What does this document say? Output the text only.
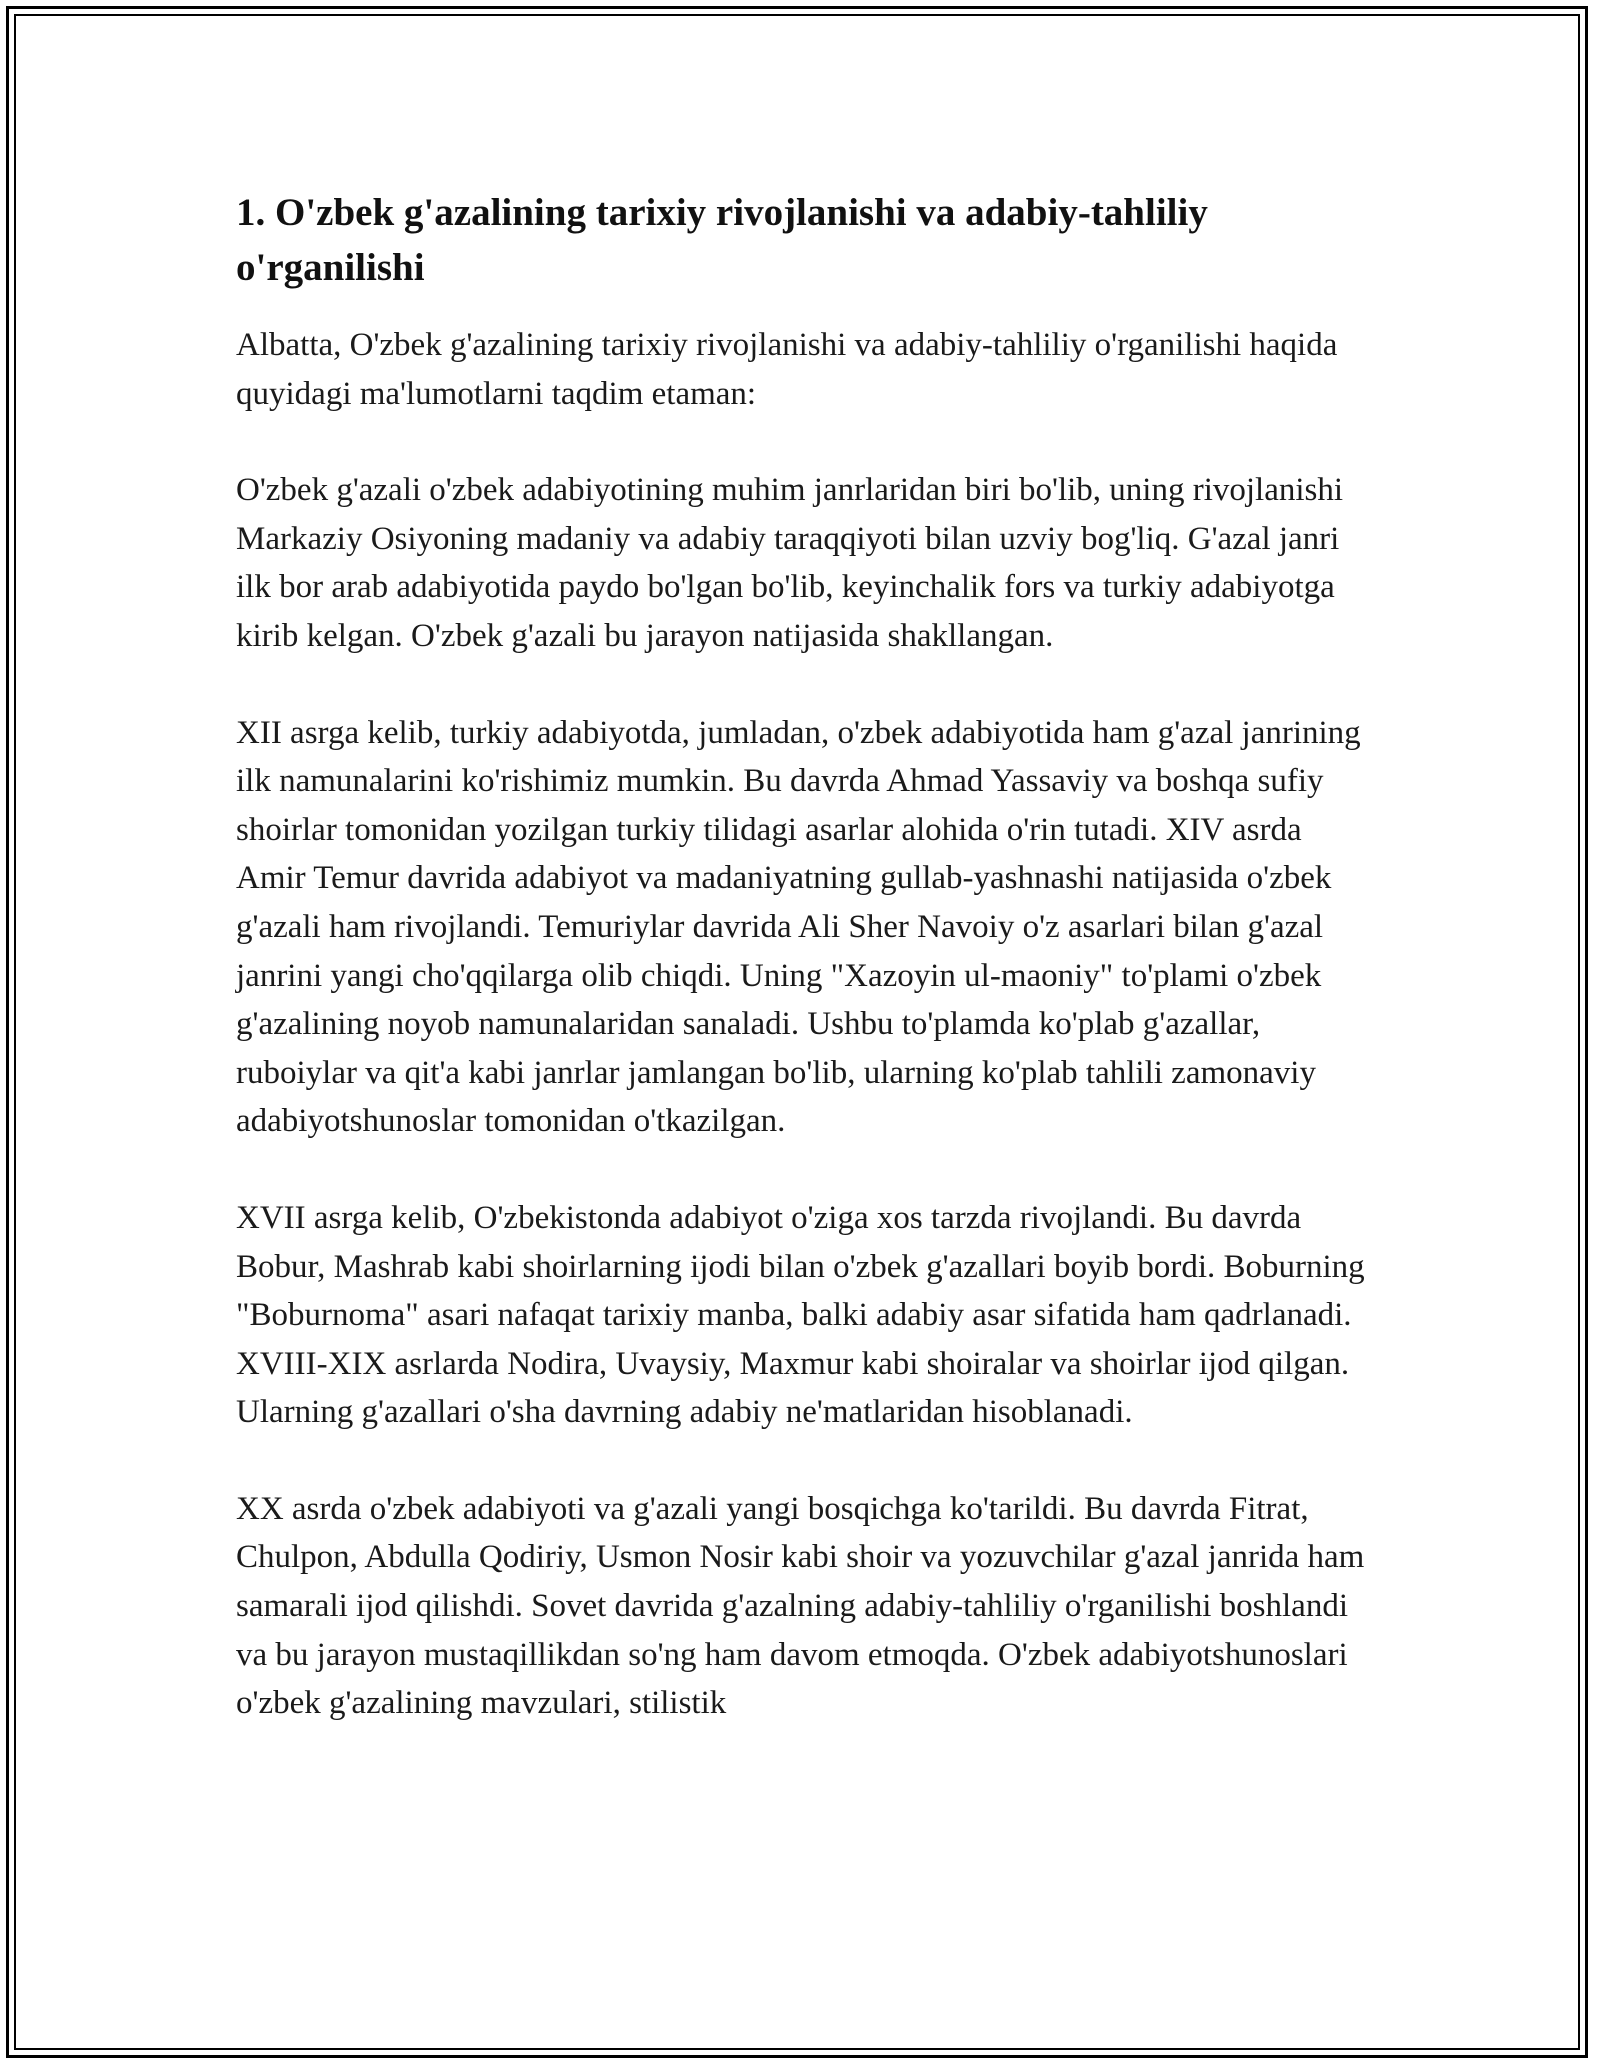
1. O'zbek g'azalining tarixiy rivojlanishi va adabiy-tahliliy o'rganilishi

Albatta, O'zbek g'azalining tarixiy rivojlanishi va adabiy-tahliliy o'rganilishi haqida quyidagi ma'lumotlarni taqdim etaman:

O'zbek g'azali o'zbek adabiyotining muhim janrlaridan biri bo'lib, uning rivojlanishi Markaziy Osiyoning madaniy va adabiy taraqqiyoti bilan uzviy bog'liq. G'azal janri ilk bor arab adabiyotida paydo bo'lgan bo'lib, keyinchalik fors va turkiy adabiyotga kirib kelgan. O'zbek g'azali bu jarayon natijasida shakllangan.

XII asrga kelib, turkiy adabiyotda, jumladan, o'zbek adabiyotida ham g'azal janrining ilk namunalarini ko'rishimiz mumkin. Bu davrda Ahmad Yassaviy va boshqa sufiy shoirlar tomonidan yozilgan turkiy tilidagi asarlar alohida o'rin tutadi. XIV asrda Amir Temur davrida adabiyot va madaniyatning gullab-yashnashi natijasida o'zbek g'azali ham rivojlandi. Temuriylar davrida Ali Sher Navoiy o'z asarlari bilan g'azal janrini yangi cho'qqilarga olib chiqdi. Uning "Xazoyin ul-maoniy" to'plami o'zbek g'azalining noyob namunalaridan sanaladi. Ushbu to'plamda ko'plab g'azallar, ruboiylar va qit'a kabi janrlar jamlangan bo'lib, ularning ko'plab tahlili zamonaviy adabiyotshunoslar tomonidan o'tkazilgan.

XVII asrga kelib, O'zbekistonda adabiyot o'ziga xos tarzda rivojlandi. Bu davrda Bobur, Mashrab kabi shoirlarning ijodi bilan o'zbek g'azallari boyib bordi. Boburning "Boburnoma" asari nafaqat tarixiy manba, balki adabiy asar sifatida ham qadrlanadi. XVIII-XIX asrlarda Nodira, Uvaysiy, Maxmur kabi shoiralar va shoirlar ijod qilgan. Ularning g'azallari o'sha davrning adabiy ne'matlaridan hisoblanadi.

XX asrda o'zbek adabiyoti va g'azali yangi bosqichga ko'tarildi. Bu davrda Fitrat, Chulpon, Abdulla Qodiriy, Usmon Nosir kabi shoir va yozuvchilar g'azal janrida ham samarali ijod qilishdi. Sovet davrida g'azalning adabiy-tahliliy o'rganilishi boshlandi va bu jarayon mustaqillikdan so'ng ham davom etmoqda. O'zbek adabiyotshunoslari o'zbek g'azalining mavzulari, stilistik
